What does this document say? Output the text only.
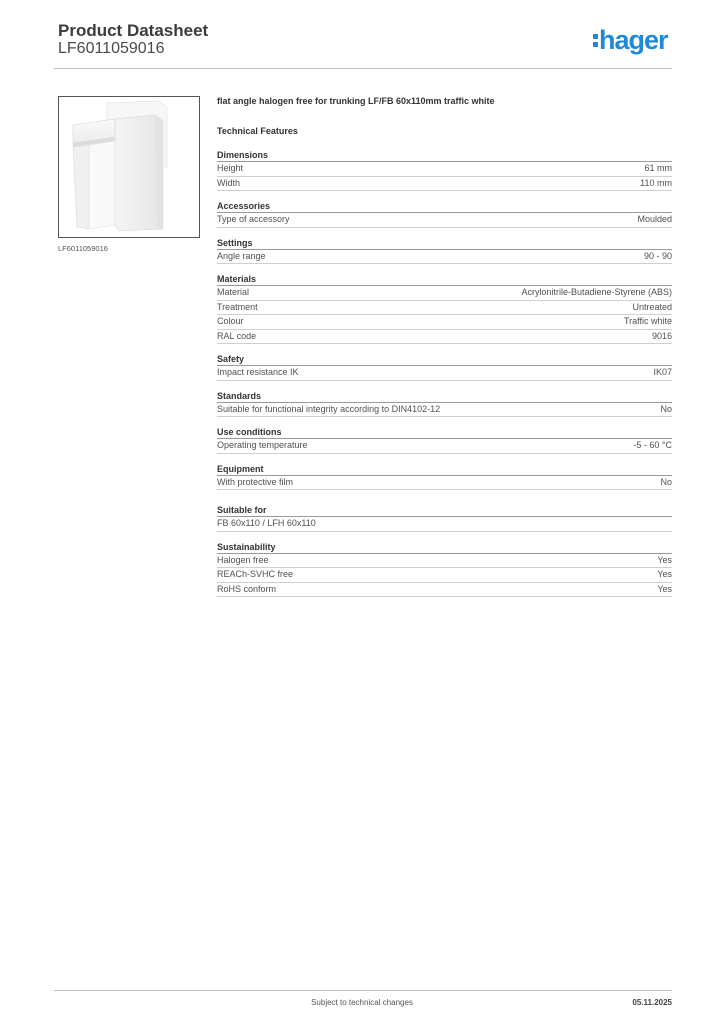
Product Datasheet
LF6011059016	hager
LF6011059016
flat angle halogen free for trunking LF/FB 60x110mm traffic white
Technical Features
Dimensions
Height	61 mm
Width	110 mm
Accessories
Type of accessory	Moulded
Settings
Angle range	90 - 90
Materials
Material	Acrylonitrile-Butadiene-Styrene (ABS)
Treatment	Untreated
Colour	Traffic white
RAL code	9016
Safety
Impact resistance IK	IK07
Standards
Suitable for functional integrity according to DIN4102-12	No
Use conditions
Operating temperature	-5 - 60 °C
Equipment
With protective film	No
Suitable for
FB 60x110 / LFH 60x110
Sustainability
Halogen free	Yes
REACh-SVHC free	Yes
RoHS conform	Yes
Subject to technical changes	05.11.2025
